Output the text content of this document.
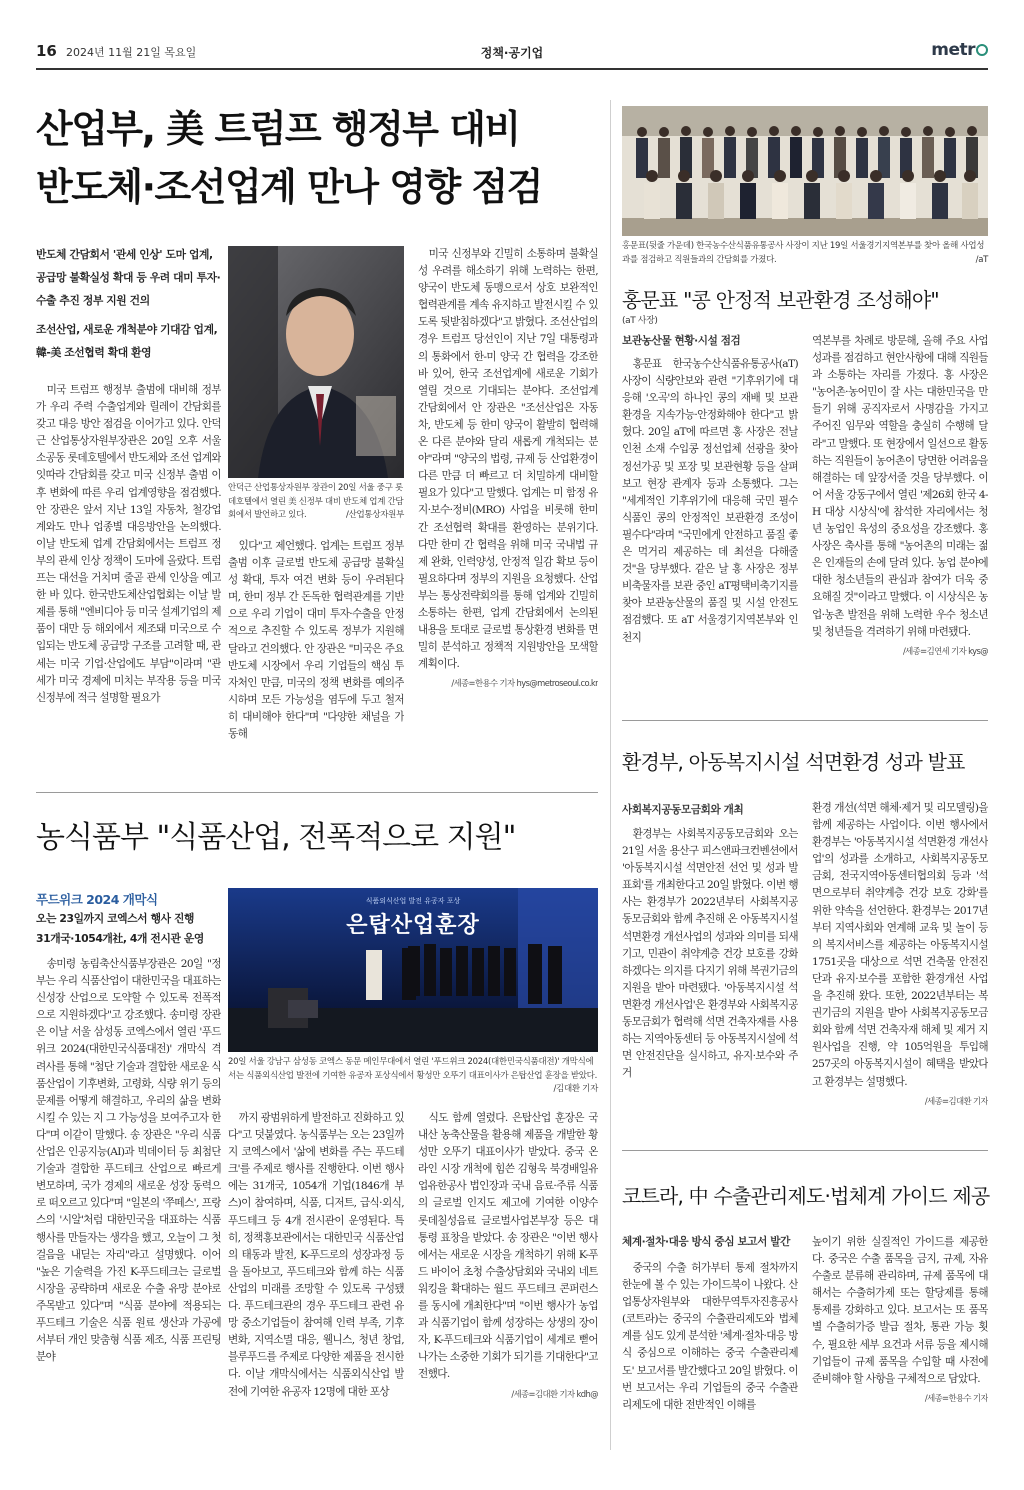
16 2024년 11월 21일 목요일	정책·공기업	metr
산업부, 美 트럼프 행정부 대비
반도체·조선업계 만나 영향 점검
반도체 간담회서 '관세 인상' 도마 업계, 공급망 불확실성 확대 등 우려 대미 투자·수출 추진 정부 지원 건의
조선산업, 새로운 개척분야 기대감 업계, 韓-美 조선협력 확대 환영

미국 트럼프 행정부 출범에 대비해 정부가 우리 주력 수출업계와 릴레이 간담회를 갖고 대응 방안 점검을 이어가고 있다. 안덕근 산업통상자원부장관은 20일 오후 서울 소공동 롯데호텔에서 반도체와 조선 업계와 잇따라 간담회를 갖고 미국 신정부 출범 이후 변화에 따른 우리 업계영향을 점검했다. 안 장관은 앞서 지난 13일 자동차, 철강업계와도 만나 업종별 대응방안을 논의했다. 이날 반도체 업계 간담회에서는 트럼프 정부의 관세 인상 정책이 도마에 올랐다. 트럼프는 대선을 거치며 줄곧 관세 인상을 예고한 바 있다. 한국반도체산업협회는 이날 발제를 통해 "엔비디아 등 미국 설계기업의 제품이 대만 등 해외에서 제조돼 미국으로 수입되는 반도체 공급망 구조를 고려할 때, 관세는 미국 기업·산업에도 부담"이라며 "관세가 미국 경제에 미치는 부작용 등을 미국 신정부에 적극 설명할 필요가

안덕근 산업통상자원부 장관이 20일 서울 중구 롯데호텔에서 열린 美 신정부 대비 반도체 업계 간담회에서 발언하고 있다.	/산업통상자원부

있다"고 제언했다. 업계는 트럼프 정부 출범 이후 글로벌 반도체 공급망 불확실성 확대, 투자 여건 변화 등이 우려된다며, 한미 정부 간 돈독한 협력관계를 기반으로 우리 기업이 대미 투자·수출을 안정적으로 추진할 수 있도록 정부가 지원해달라고 건의했다. 안 장관은 "미국은 주요 반도체 시장에서 우리 기업들의 핵심 투자처인 만큼, 미국의 정책 변화를 예의주시하며 모든 가능성을 염두에 두고 철저히 대비해야 한다"며 "다양한 채널을 가동해

미국 신정부와 긴밀히 소통하며 불확실성 우려를 해소하기 위해 노력하는 한편, 양국이 반도체 동맹으로서 상호 보완적인 협력관계를 계속 유지하고 발전시킬 수 있도록 뒷받침하겠다"고 밝혔다. 조선산업의 경우 트럼프 당선인이 지난 7일 대통령과의 통화에서 한-미 양국 간 협력을 강조한 바 있어, 한국 조선업계에 새로운 기회가 열릴 것으로 기대되는 분야다. 조선업계 간담회에서 안 장관은 "조선산업은 자동차, 반도체 등 한미 양국이 활발히 협력해 온 다른 분야와 달리 새롭게 개척되는 분야"라며 "양국의 법령, 규제 등 산업환경이 다른 만큼 더 빠르고 더 치밀하게 대비할 필요가 있다"고 말했다. 업계는 미 함정 유지·보수·정비(MRO) 사업을 비롯해 한미 간 조선협력 확대를 환영하는 분위기다. 다만 한미 간 협력을 위해 미국 국내법 규제 완화, 인력양성, 안정적 일감 확보 등이 필요하다며 정부의 지원을 요청했다. 산업부는 통상전략회의를 통해 업계와 긴밀히 소통하는 한편, 업계 간담회에서 논의된 내용을 토대로 글로벌 통상환경 변화를 면밀히 분석하고 정책적 지원방안을 모색할 계획이다.

/세종=한용수 기자 hys@metroseoul.co.kr

농식품부 "식품산업, 전폭적으로 지원"
푸드위크 2024 개막식
오는 23일까지 코엑스서 행사 진행
31개국·1054개社, 4개 전시관 운영

송미령 농림축산식품부장관은 20일 "정부는 우리 식품산업이 대한민국을 대표하는 신성장 산업으로 도약할 수 있도록 전폭적으로 지원하겠다"고 강조했다. 송미령 장관은 이날 서울 삼성동 코엑스에서 열린 '푸드위크 2024(대한민국식품대전)' 개막식 격려사를 통해 "첨단 기술과 결합한 새로운 식품산업이 기후변화, 고령화, 식량 위기 등의 문제를 어떻게 해결하고, 우리의 삶을 변화시킬 수 있는 지 그 가능성을 보여주고자 한다"며 이같이 말했다. 송 장관은 "우리 식품산업은 인공지능(AI)과 빅데이터 등 최첨단 기술과 결합한 푸드테크 산업으로 빠르게 변모하며, 국가 경제의 새로운 성장 동력으로 떠오르고 있다"며 "일본의 '쭈떼스', 프랑스의 '시알'처럼 대한민국을 대표하는 식품 행사를 만들자는 생각을 했고, 오늘이 그 첫걸음을 내딛는 자리"라고 설명했다. 이어 "높은 기술력을 가진 K-푸드테크는 글로벌 시장을 공략하며 새로운 수출 유망 분야로 주목받고 있다"며 "식품 분야에 적용되는 푸드테크 기술은 식품 원료 생산과 가공에서부터 개인 맞춤형 식품 제조, 식품 프린팅 분야

식품외식산업 발전 유공자 포상
은탑산업훈장
20일 서울 강남구 삼성동 코엑스 동문 메인무대에서 열린 '푸드위크 2024(대한민국식품대전)' 개막식에서는 식품외식산업 발전에 기여한 유공자 포상식에서 황성만 오뚜기 대표이사가 은탑산업 훈장을 받았다.
/김대환 기자

까지 광범위하게 발전하고 진화하고 있다"고 덧붙였다. 농식품부는 오는 23일까지 코엑스에서 '삶에 변화를 주는 푸드테크'를 주제로 행사를 진행한다. 이번 행사에는 31개국, 1054개 기업(1846개 부스)이 참여하며, 식품, 디저트, 급식·외식, 푸드테크 등 4개 전시관이 운영된다. 특히, 정책홍보관에서는 대한민국 식품산업의 태동과 발전, K-푸드로의 성장과정 등을 돌아보고, 푸드테크와 함께 하는 식품산업의 미래를 조망할 수 있도록 구성됐다. 푸드테크관의 경우 푸드테크 관련 유망 중소기업들이 참여해 인력 부족, 기후변화, 지역소멸 대응, 웰니스, 청년 창업, 블루푸드를 주제로 다양한 제품을 전시한다. 이날 개막식에서는 식품외식산업 발전에 기여한 유공자 12명에 대한 포상

식도 함께 열렸다. 은탑산업 훈장은 국내산 농축산물을 활용해 제품을 개발한 황성만 오뚜기 대표이사가 받았다. 중국 온라인 시장 개척에 힘쓴 김형욱 북경배일유업유한공사 법인장과 국내 음료·주류 식품의 글로벌 인지도 제고에 기여한 이양수 롯데칠성음료 글로벌사업본부장 등은 대통령 표창을 받았다. 송 장관은 "이번 행사에서는 새로운 시장을 개척하기 위해 K-푸드 바이어 초청 수출상담회와 국내외 네트워킹을 확대하는 월드 푸드테크 콘퍼런스를 동시에 개최한다"며 "이번 행사가 농업과 식품기업이 함께 성장하는 상생의 장이자, K-푸드테크와 식품기업이 세계로 뻗어나가는 소중한 기회가 되기를 기대한다"고 전했다.

/세종=김대환 기자 kdh@

홍문표(뒷줄 가운데) 한국농수산식품유통공사 사장이 지난 19일 서울경기지역본부를 찾아 올해 사업성과를 점검하고 직원들과의 간담회를 가졌다.	/aT
홍문표 "콩 안정적 보관환경 조성해야"
(aT 사장)
보관농산물 현황·시설 점검

홍문표 한국농수산식품유통공사(aT) 사장이 식량안보와 관련 "기후위기에 대응해 '오곡'의 하나인 콩의 재배 및 보관 환경을 지속가능·안정화해야 한다"고 밝혔다. 20일 aT에 따르면 홍 사장은 전날 인천 소재 수입콩 정선업체 선광을 찾아 정선가공 및 포장 및 보관현황 등을 살펴보고 현장 관계자 등과 소통했다. 그는 "세계적인 기후위기에 대응해 국민 필수식품인 콩의 안정적인 보관환경 조성이 필수다"라며 "국민에게 안전하고 품질 좋은 먹거리 제공하는 데 최선을 다해줄 것"을 당부했다. 같은 날 홍 사장은 정부 비축물자를 보관 중인 aT평택비축기지를 찾아 보관농산물의 품질 및 시설 안전도 점검했다. 또 aT 서울경기지역본부와 인천지

역본부를 차례로 방문해, 올해 주요 사업성과를 점검하고 현안사항에 대해 직원들과 소통하는 자리를 가졌다. 홍 사장은 "농어촌·농어민이 잘 사는 대한민국을 만들기 위해 공직자로서 사명감을 가지고 주어진 임무와 역할을 충실히 수행해 달라"고 말했다. 또 현장에서 일선으로 활동하는 직원들이 농어촌이 당면한 어려움을 해결하는 데 앞장서줄 것을 당부했다. 이어 서울 강동구에서 열린 '제26회 한국 4-H 대상 시상식'에 참석한 자리에서는 청년 농업인 육성의 중요성을 강조했다. 홍 사장은 축사를 통해 "농어촌의 미래는 젊은 인재들의 손에 달려 있다. 농업 분야에 대한 청소년들의 관심과 참여가 더욱 중요해질 것"이라고 말했다. 이 시상식은 농업·농촌 발전을 위해 노력한 우수 청소년 및 청년들을 격려하기 위해 마련됐다.

/세종=김연세 기자 kys@

환경부, 아동복지시설 석면환경 성과 발표
사회복지공동모금회와 개최

환경부는 사회복지공동모금회와 오는 21일 서울 용산구 피스앤파크컨벤션에서 '아동복지시설 석면안전 선언 및 성과 발표회'를 개최한다고 20일 밝혔다. 이번 행사는 환경부가 2022년부터 사회복지공동모금회와 함께 추진해 온 아동복지시설 석면환경 개선사업의 성과와 의미를 되새기고, 민관이 취약계층 건강 보호를 강화하겠다는 의지를 다지기 위해 복권기금의 지원을 받아 마련됐다. '아동복지시설 석면환경 개선사업'은 환경부와 사회복지공동모금회가 협력해 석면 건축자재를 사용하는 지역아동센터 등 아동복지시설에 석면 안전진단을 실시하고, 유지·보수와 주거

환경 개선(석면 해체·제거 및 리모델링)을 함께 제공하는 사업이다. 이번 행사에서 환경부는 '아동복지시설 석면환경 개선사업'의 성과를 소개하고, 사회복지공동모금회, 전국지역아동센터협의회 등과 '석면으로부터 취약계층 건강 보호 강화'를 위한 약속을 선언한다. 환경부는 2017년부터 지역사회와 연계해 교육 및 놀이 등의 복지서비스를 제공하는 아동복지시설 1751곳을 대상으로 석면 건축물 안전진단과 유지·보수를 포함한 환경개선 사업을 추진해 왔다. 또한, 2022년부터는 복권기금의 지원을 받아 사회복지공동모금회와 함께 석면 건축자재 해체 및 제거 지원사업을 진행, 약 105억원을 투입해 257곳의 아동복지시설이 혜택을 받았다고 환경부는 설명했다.

/세종=김대환 기자

코트라, 中 수출관리제도·법체계 가이드 제공
체계·절차·대응 방식 중심 보고서 발간

중국의 수출 허가부터 통제 절차까지 한눈에 볼 수 있는 가이드북이 나왔다. 산업통상자원부와 대한무역투자진흥공사(코트라)는 중국의 수출관리제도와 법체계를 심도 있게 분석한 '체계·절차·대응 방식 중심으로 이해하는 중국 수출관리제도' 보고서를 발간했다고 20일 밝혔다. 이번 보고서는 우리 기업들의 중국 수출관리제도에 대한 전반적인 이해를

높이기 위한 실질적인 가이드를 제공한다. 중국은 수출 품목을 금지, 규제, 자유수출로 분류해 관리하며, 규제 품목에 대해서는 수출허가제 또는 할당제를 통해 통제를 강화하고 있다. 보고서는 또 품목별 수출허가증 발급 절차, 통관 가능 횟수, 필요한 세부 요건과 서류 등을 제시해 기업들이 규제 품목을 수입할 때 사전에 준비해야 할 사항을 구체적으로 담았다.

/세종=한용수 기자
